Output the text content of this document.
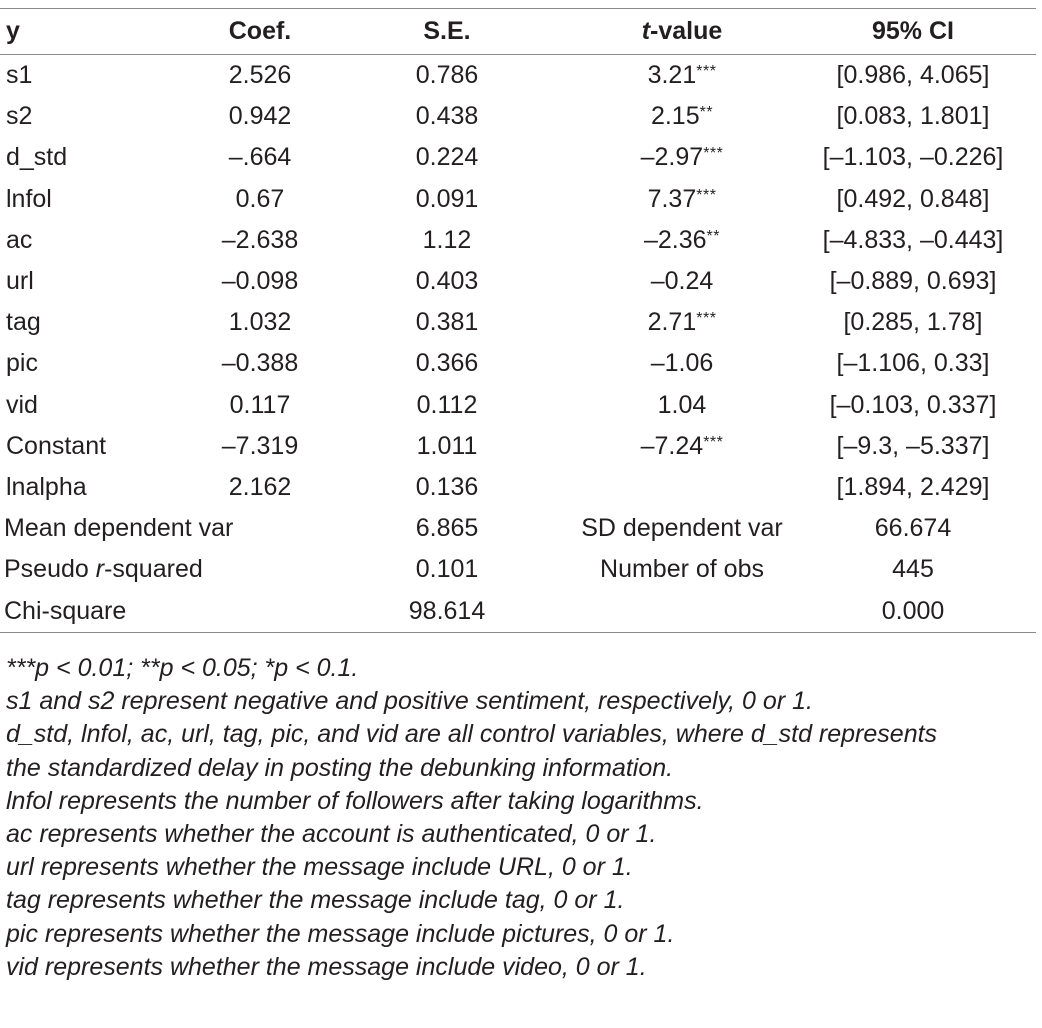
y	Coef.	S.E.	t-value	95% CI
s1	2.526	0.786	3.21***	[0.986, 4.065]
s2	0.942	0.438	2.15**	[0.083, 1.801]
d_std	–.664	0.224	–2.97***	[–1.103, –0.226]
lnfol	0.67	0.091	7.37***	[0.492, 0.848]
ac	–2.638	1.12	–2.36**	[–4.833, –0.443]
url	–0.098	0.403	–0.24	[–0.889, 0.693]
tag	1.032	0.381	2.71***	[0.285, 1.78]
pic	–0.388	0.366	–1.06	[–1.106, 0.33]
vid	0.117	0.112	1.04	[–0.103, 0.337]
Constant	–7.319	1.011	–7.24***	[–9.3, –5.337]
lnalpha	2.162	0.136		[1.894, 2.429]
Mean dependent var		6.865	SD dependent var	66.674
Pseudo r-squared		0.101	Number of obs	445
Chi-square		98.614		0.000
***p < 0.01; **p < 0.05; *p < 0.1.
s1 and s2 represent negative and positive sentiment, respectively, 0 or 1.
d_std, lnfol, ac, url, tag, pic, and vid are all control variables, where d_std represents
the standardized delay in posting the debunking information.
lnfol represents the number of followers after taking logarithms.
ac represents whether the account is authenticated, 0 or 1.
url represents whether the message include URL, 0 or 1.
tag represents whether the message include tag, 0 or 1.
pic represents whether the message include pictures, 0 or 1.
vid represents whether the message include video, 0 or 1.
